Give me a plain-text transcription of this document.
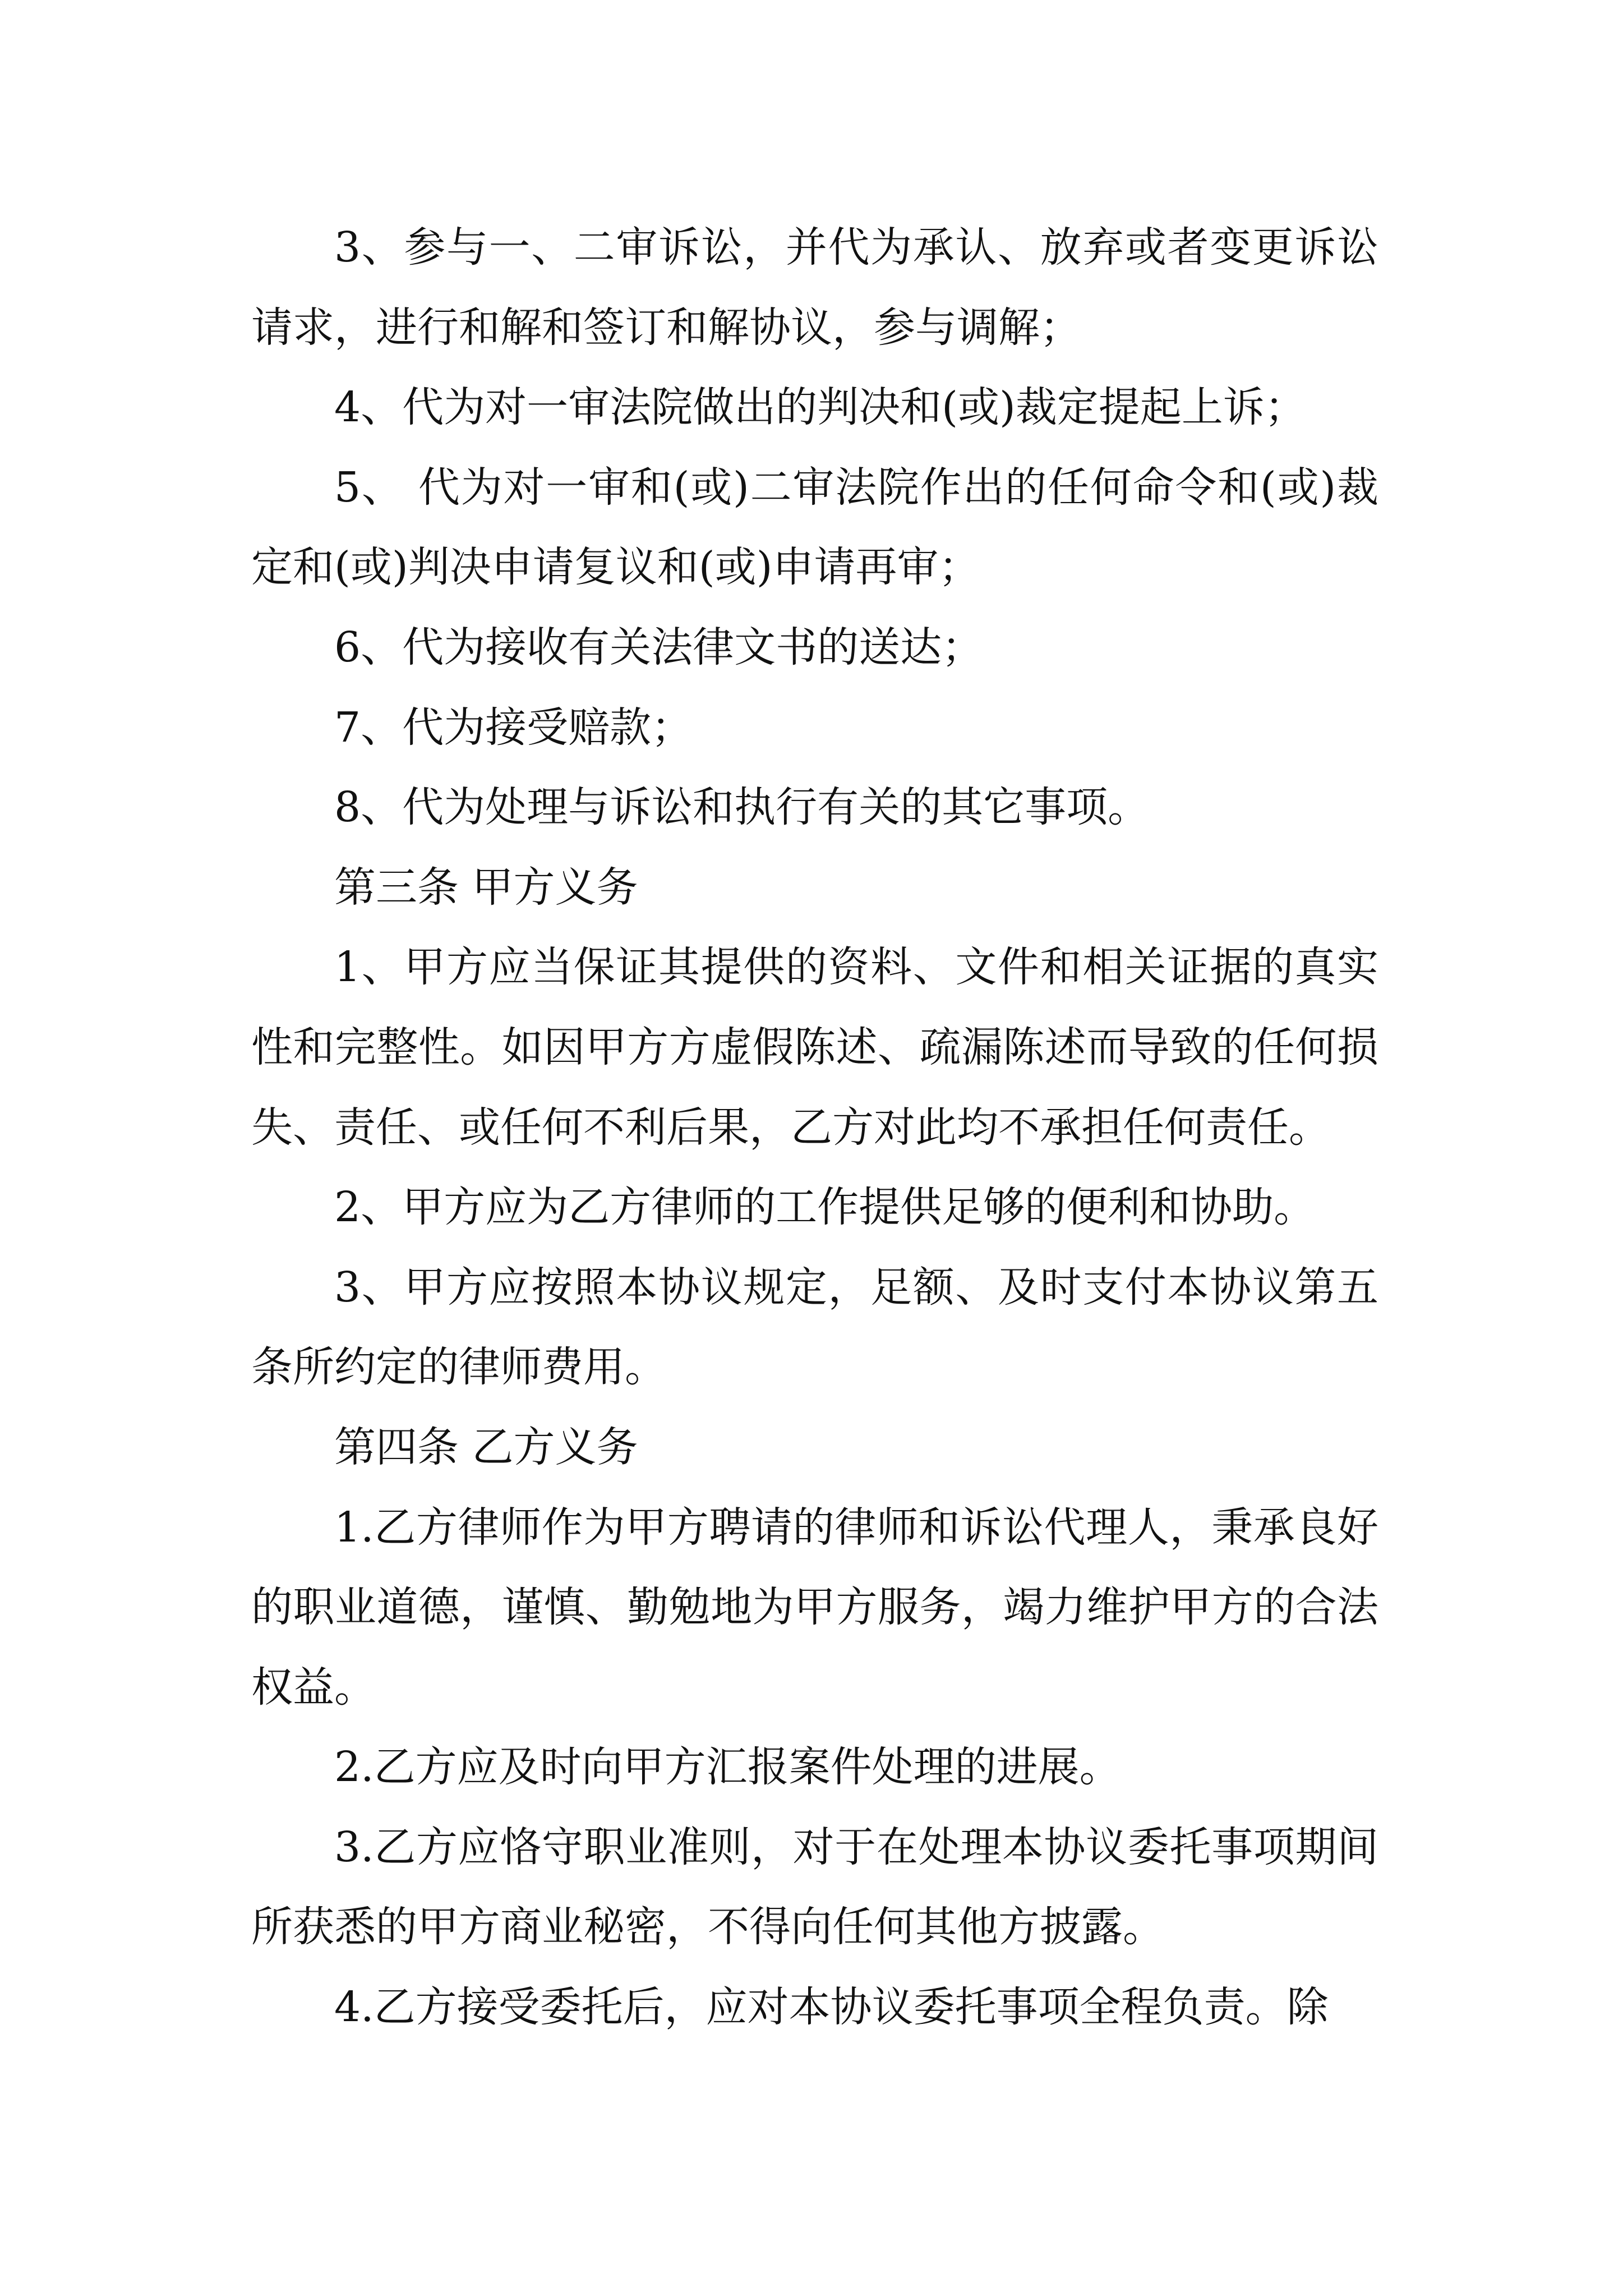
3、参与一、二审诉讼，并代为承认、放弃或者变更诉讼请求，进行和解和签订和解协议，参与调解；

4、代为对一审法院做出的判决和(或)裁定提起上诉；

5、 代为对一审和(或)二审法院作出的任何命令和(或)裁定和(或)判决申请复议和(或)申请再审；

6、代为接收有关法律文书的送达；

7、代为接受赔款；

8、代为处理与诉讼和执行有关的其它事项。

第三条 甲方义务

1、甲方应当保证其提供的资料、文件和相关证据的真实性和完整性。如因甲方方虚假陈述、疏漏陈述而导致的任何损失、责任、或任何不利后果，乙方对此均不承担任何责任。

2、甲方应为乙方律师的工作提供足够的便利和协助。

3、甲方应按照本协议规定，足额、及时支付本协议第五条所约定的律师费用。

第四条 乙方义务

1.乙方律师作为甲方聘请的律师和诉讼代理人，秉承良好的职业道德，谨慎、勤勉地为甲方服务，竭力维护甲方的合法权益。

2.乙方应及时向甲方汇报案件处理的进展。

3.乙方应恪守职业准则，对于在处理本协议委托事项期间所获悉的甲方商业秘密，不得向任何其他方披露。

4.乙方接受委托后，应对本协议委托事项全程负责。除
